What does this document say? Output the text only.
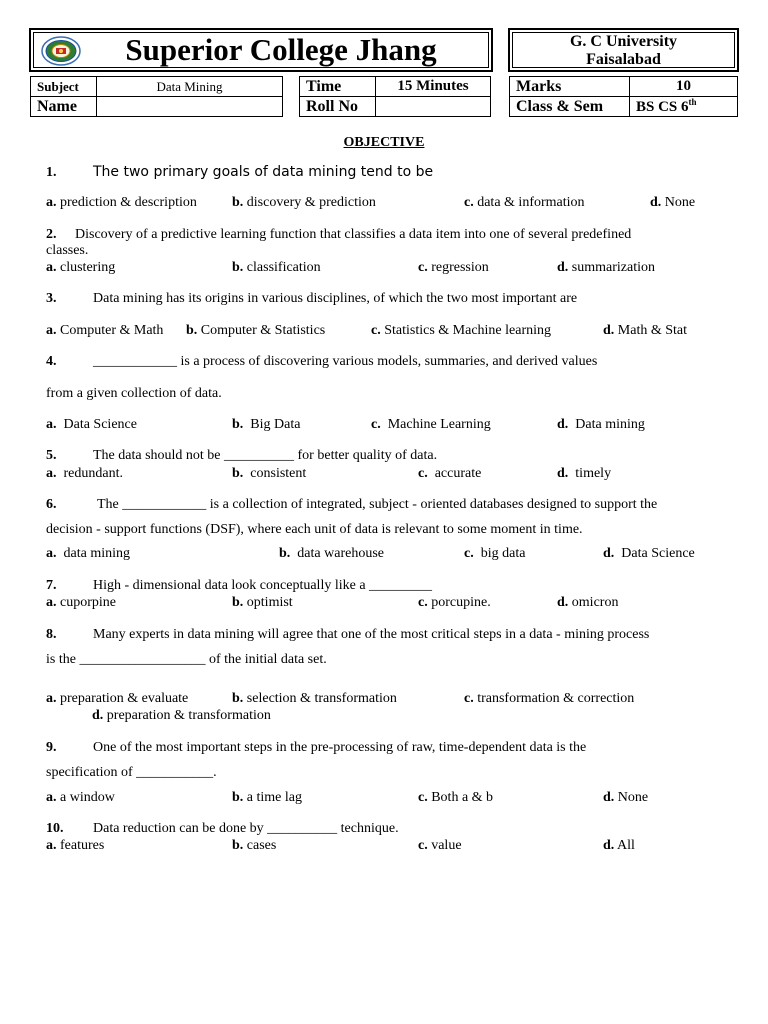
Superior College Jhang	G. C University
Faisalabad
Subject	Data Mining
Name	
Time	15 Minutes
Roll No	
Marks	10
Class & Sem	BS CS 6th
OBJECTIVE
1.	The two primary goals of data mining tend to be
a. prediction & description	b. discovery & prediction	c. data & information	d. None
2. Discovery of a predictive learning function that classifies a data item into one of several predefined
classes.
a. clustering	b. classification	c. regression	d. summarization
3.	Data mining has its origins in various disciplines, of which the two most important are
a. Computer & Math b. Computer & Statistics	c. Statistics & Machine learning	d. Math & Stat
4.	____________ is a process of discovering various models, summaries, and derived values
from a given collection of data.
a. Data Science	b. Big Data	c. Machine Learning	d. Data mining
5.	The data should not be __________ for better quality of data.
a. redundant.	b. consistent	c. accurate	d. timely
6.	The ____________ is a collection of integrated, subject - oriented databases designed to support the
decision - support functions (DSF), where each unit of data is relevant to some moment in time.
a. data mining	b. data warehouse	c. big data	d. Data Science
7.	High - dimensional data look conceptually like a _________
a. cuporpine	b. optimist	c. porcupine.	d. omicron
8.	Many experts in data mining will agree that one of the most critical steps in a data - mining process
is the __________________ of the initial data set.
a. preparation & evaluate	b. selection & transformation	c. transformation & correction
d. preparation & transformation
9.	One of the most important steps in the pre-processing of raw, time-dependent data is the
specification of ___________.
a. a window	b. a time lag	c. Both a & b	d. None
10. Data reduction can be done by __________ technique.
a. features	b. cases	c. value	d. All
